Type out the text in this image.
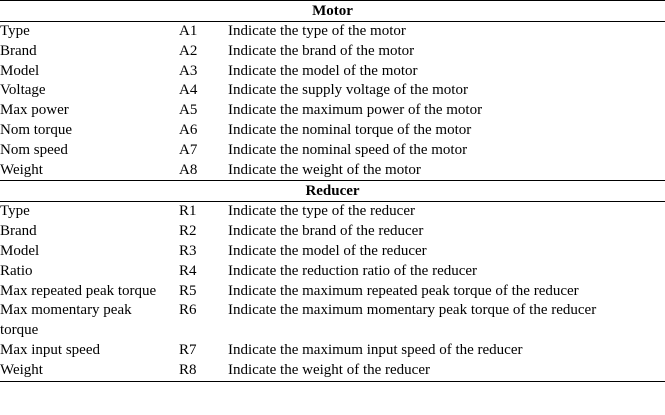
Motor		
Type	A1	Indicate the type of the motor
Brand	A2	Indicate the brand of the motor
Model	A3	Indicate the model of the motor
Voltage	A4	Indicate the supply voltage of the motor
Max power	A5	Indicate the maximum power of the motor
Nom torque	A6	Indicate the nominal torque of the motor
Nom speed	A7	Indicate the nominal speed of the motor
Weight	A8	Indicate the weight of the motor
Reducer		
Type	R1	Indicate the type of the reducer
Brand	R2	Indicate the brand of the reducer
Model	R3	Indicate the model of the reducer
Ratio	R4	Indicate the reduction ratio of the reducer
Max repeated peak torque	R5	Indicate the maximum repeated peak torque of the reducer
Max momentary peak torque	R6	Indicate the maximum momentary peak torque of the reducer
Max input speed	R7	Indicate the maximum input speed of the reducer
Weight	R8	Indicate the weight of the reducer
